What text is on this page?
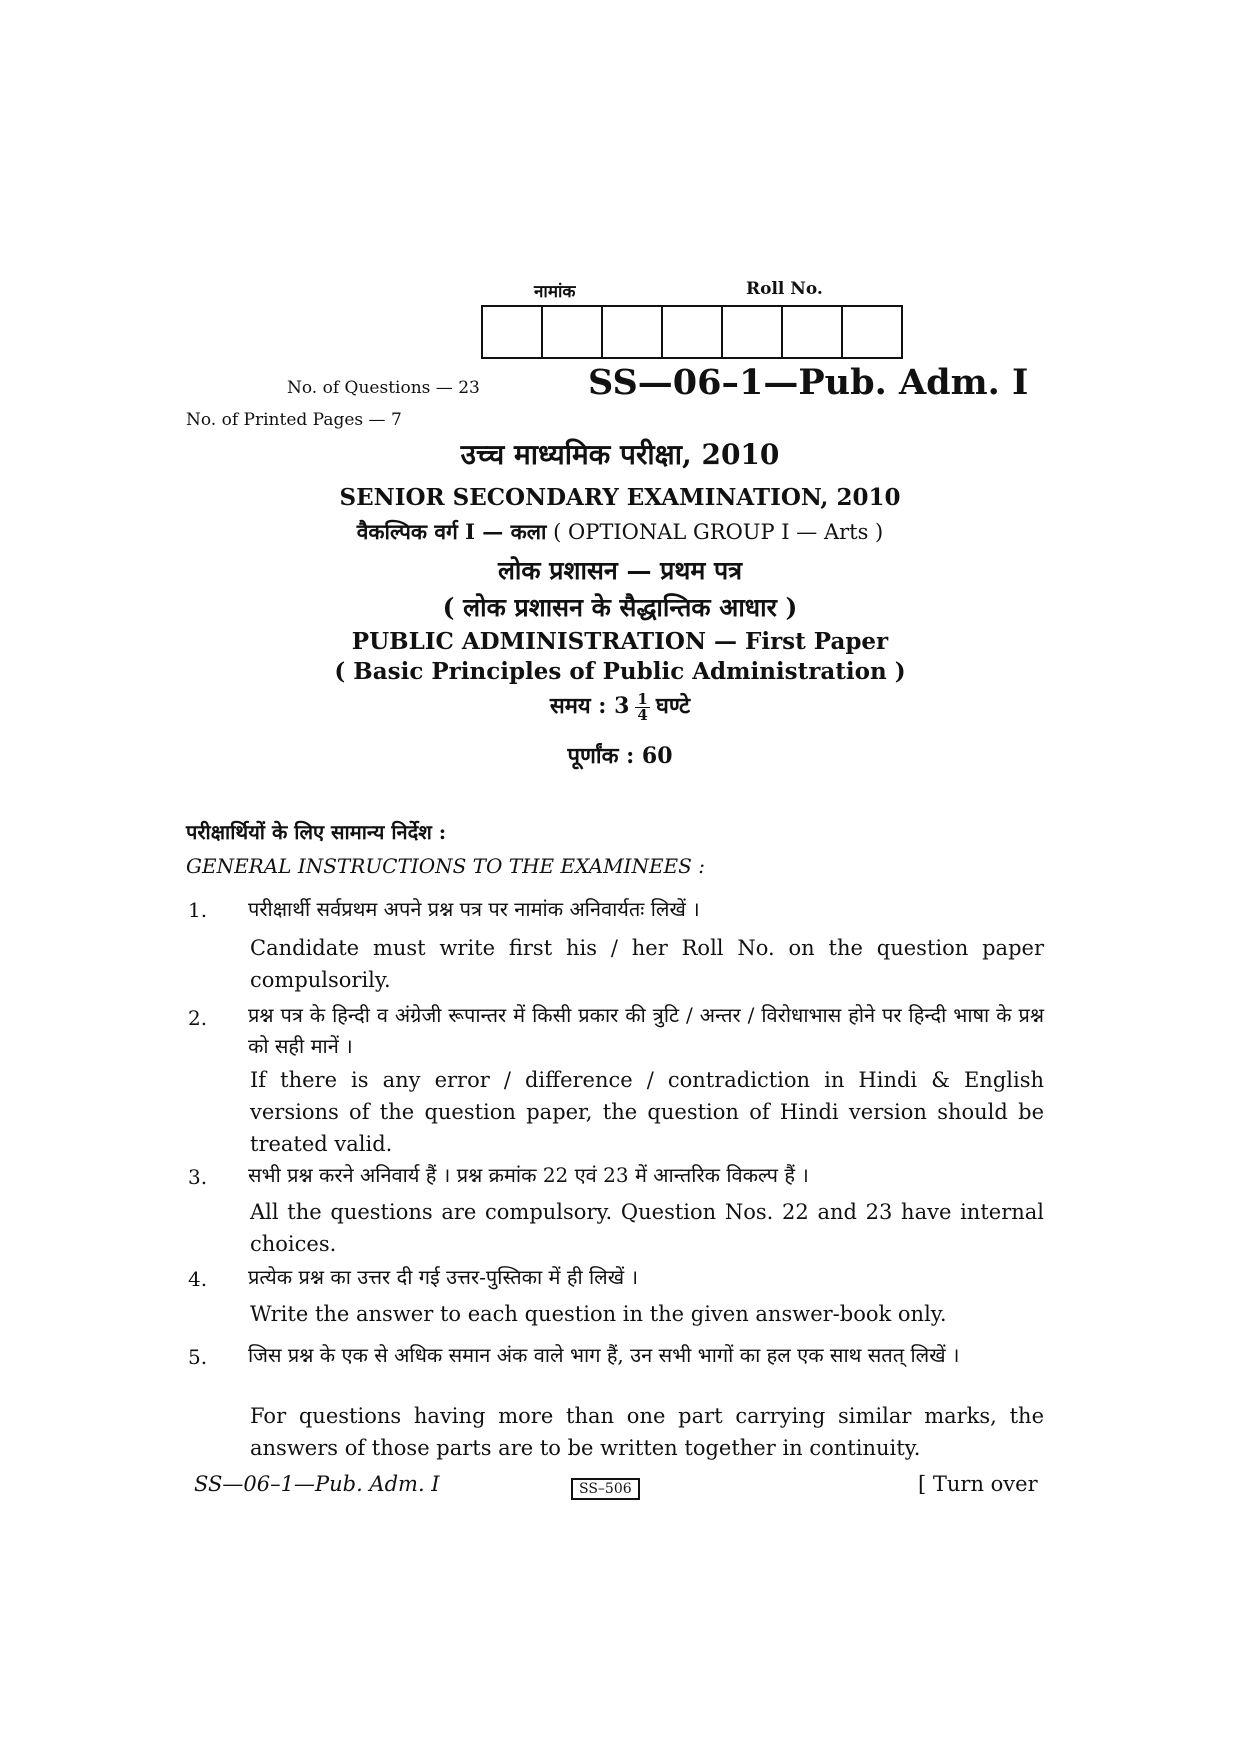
नामांक	Roll No.
No. of Questions — 23	SS—06–1—Pub. Adm. I
No. of Printed Pages — 7
उच्च माध्यमिक परीक्षा, 2010
SENIOR SECONDARY EXAMINATION, 2010
वैकल्पिक वर्ग I — कला ( OPTIONAL GROUP I — Arts )
लोक प्रशासन — प्रथम पत्र
( लोक प्रशासन के सैद्धान्तिक आधार )
PUBLIC ADMINISTRATION — First Paper
( Basic Principles of Public Administration )
समय : $3 \frac{1}{4}$ घण्टे
पूर्णांक : 60
परीक्षार्थियों के लिए सामान्य निर्देश :
GENERAL INSTRUCTIONS TO THE EXAMINEES :
1. परीक्षार्थी सर्वप्रथम अपने प्रश्न पत्र पर नामांक अनिवार्यतः लिखें ।
Candidate must write first his / her Roll No. on the question paper compulsorily.
2. प्रश्न पत्र के हिन्दी व अंग्रेजी रूपान्तर में किसी प्रकार की त्रुटि / अन्तर / विरोधाभास होने पर हिन्दी भाषा के प्रश्न को सही मानें ।
If there is any error / difference / contradiction in Hindi & English versions of the question paper, the question of Hindi version should be treated valid.
3. सभी प्रश्न करने अनिवार्य हैं । प्रश्न क्रमांक 22 एवं 23 में आन्तरिक विकल्प हैं ।
All the questions are compulsory. Question Nos. 22 and 23 have internal choices.
4. प्रत्येक प्रश्न का उत्तर दी गई उत्तर-पुस्तिका में ही लिखें ।
Write the answer to each question in the given answer-book only.
5. जिस प्रश्न के एक से अधिक समान अंक वाले भाग हैं, उन सभी भागों का हल एक साथ सतत् लिखें ।
For questions having more than one part carrying similar marks, the answers of those parts are to be written together in continuity.
SS—06–1—Pub. Adm. I	SS–506	[ Turn over
